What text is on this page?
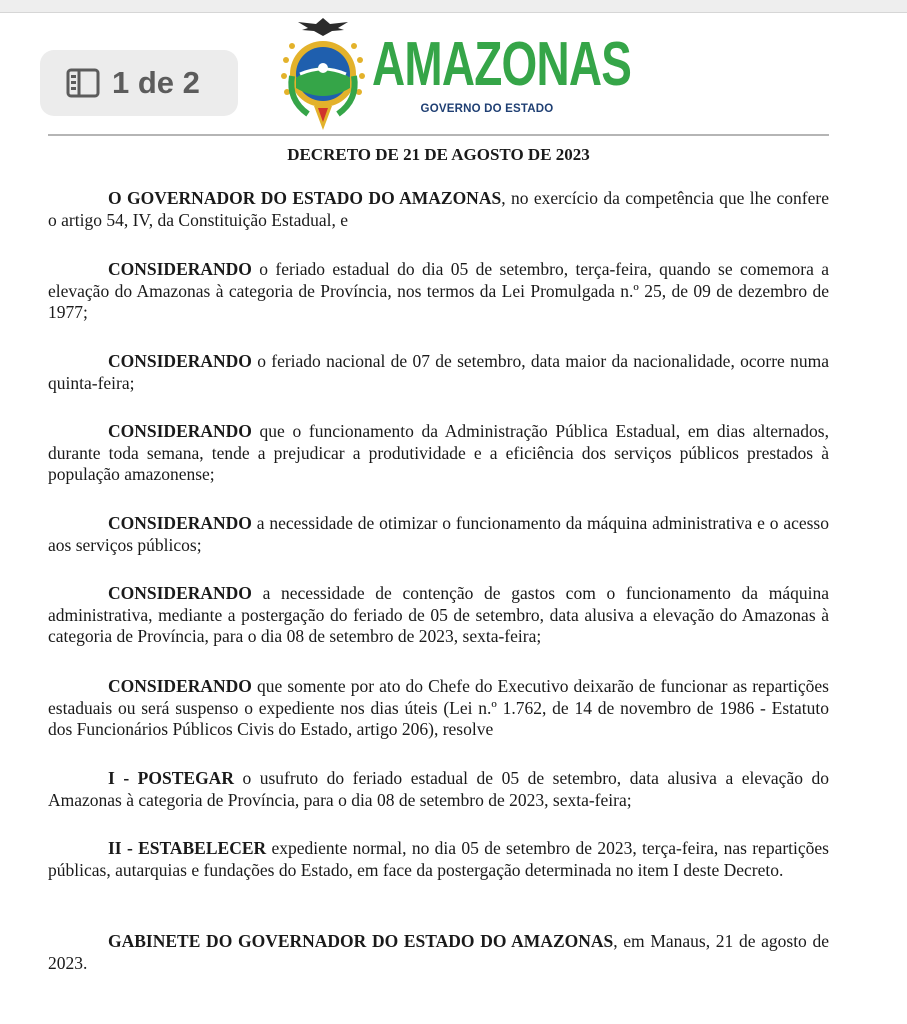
1 de 2	AMAZONAS
GOVERNO DO ESTADO
DECRETO DE 21 DE AGOSTO DE 2023

O GOVERNADOR DO ESTADO DO AMAZONAS, no exercício da competência que lhe confere o artigo 54, IV, da Constituição Estadual, e

CONSIDERANDO o feriado estadual do dia 05 de setembro, terça-feira, quando se comemora a elevação do Amazonas à categoria de Província, nos termos da Lei Promulgada n.º 25, de 09 de dezembro de 1977;

CONSIDERANDO o feriado nacional de 07 de setembro, data maior da nacionalidade, ocorre numa quinta-feira;

CONSIDERANDO que o funcionamento da Administração Pública Estadual, em dias alternados, durante toda semana, tende a prejudicar a produtividade e a eficiência dos serviços públicos prestados à população amazonense;

CONSIDERANDO a necessidade de otimizar o funcionamento da máquina administrativa e o acesso aos serviços públicos;

CONSIDERANDO a necessidade de contenção de gastos com o funcionamento da máquina administrativa, mediante a postergação do feriado de 05 de setembro, data alusiva a elevação do Amazonas à categoria de Província, para o dia 08 de setembro de 2023, sexta-feira;

CONSIDERANDO que somente por ato do Chefe do Executivo deixarão de funcionar as repartições estaduais ou será suspenso o expediente nos dias úteis (Lei n.º 1.762, de 14 de novembro de 1986 - Estatuto dos Funcionários Públicos Civis do Estado, artigo 206), resolve

I - POSTEGAR o usufruto do feriado estadual de 05 de setembro, data alusiva a elevação do Amazonas à categoria de Província, para o dia 08 de setembro de 2023, sexta-feira;

II - ESTABELECER expediente normal, no dia 05 de setembro de 2023, terça-feira, nas repartições públicas, autarquias e fundações do Estado, em face da postergação determinada no item I deste Decreto.

GABINETE DO GOVERNADOR DO ESTADO DO AMAZONAS, em Manaus, 21 de agosto de 2023.
